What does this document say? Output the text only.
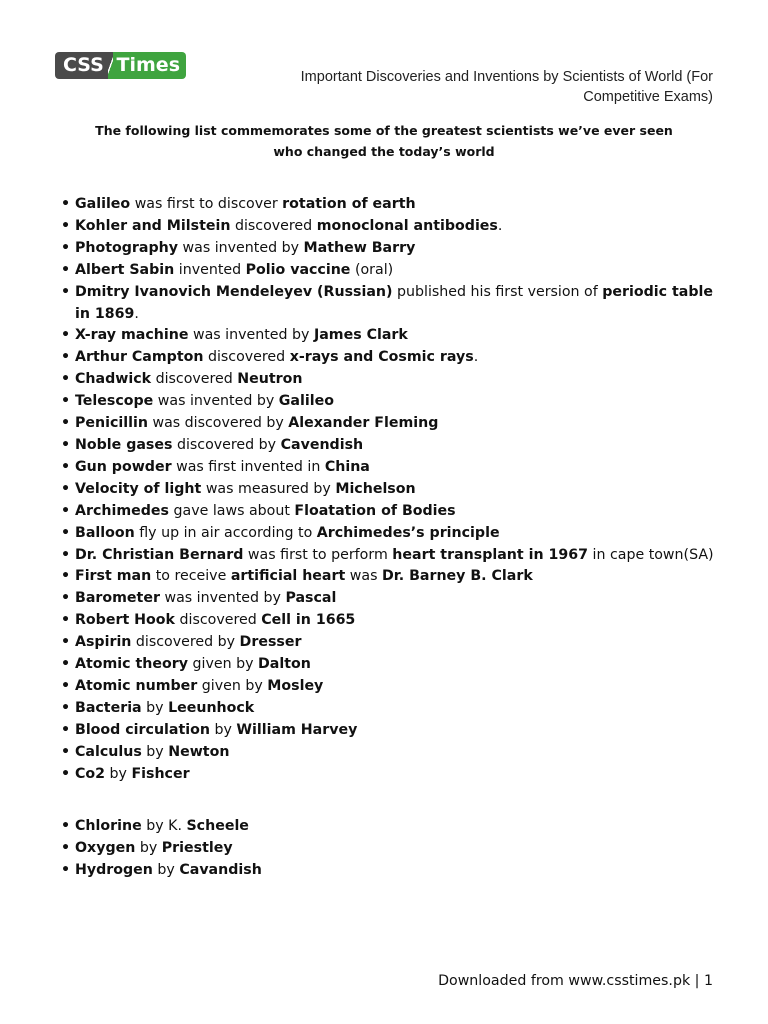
CSS Times
Important Discoveries and Inventions by Scientists of World (For
Competitive Exams)
The following list commemorates some of the greatest scientists we’ve ever seen
who changed the today’s world
• Galileo was first to discover rotation of earth
• Kohler and Milstein discovered monoclonal antibodies.
• Photography was invented by Mathew Barry
• Albert Sabin invented Polio vaccine (oral)
• Dmitry Ivanovich Mendeleyev (Russian) published his first version of periodic table in 1869.
• X-ray machine was invented by James Clark
• Arthur Campton discovered x-rays and Cosmic rays.
• Chadwick discovered Neutron
• Telescope was invented by Galileo
• Penicillin was discovered by Alexander Fleming
• Noble gases discovered by Cavendish
• Gun powder was first invented in China
• Velocity of light was measured by Michelson
• Archimedes gave laws about Floatation of Bodies
• Balloon fly up in air according to Archimedes’s principle
• Dr. Christian Bernard was first to perform heart transplant in 1967 in cape town(SA)
• First man to receive artificial heart was Dr. Barney B. Clark
• Barometer was invented by Pascal
• Robert Hook discovered Cell in 1665
• Aspirin discovered by Dresser
• Atomic theory given by Dalton
• Atomic number given by Mosley
• Bacteria by Leeunhock
• Blood circulation by William Harvey
• Calculus by Newton
• Co2 by Fishcer
• Chlorine by K. Scheele
• Oxygen by Priestley
• Hydrogen by Cavandish
Downloaded from www.csstimes.pk | 1
